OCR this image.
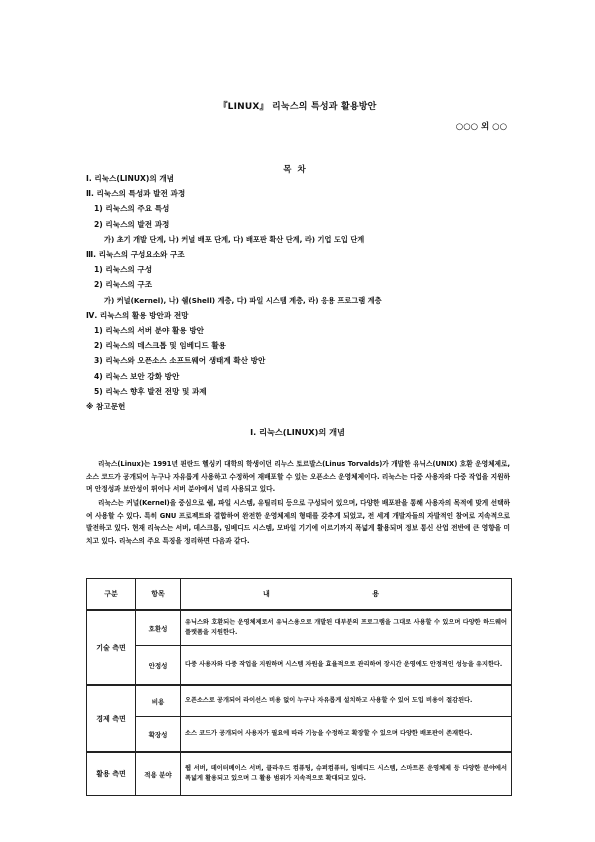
『LINUX』 리눅스의 특성과 활용방안
○○○ 외 ○○
목차
Ⅰ. 리눅스(LINUX)의 개념
Ⅱ. 리눅스의 특성과 발전 과정
1) 리눅스의 주요 특성
2) 리눅스의 발전 과정
가) 초기 개발 단계, 나) 커널 배포 단계, 다) 배포판 확산 단계, 라) 기업 도입 단계
Ⅲ. 리눅스의 구성요소와 구조
1) 리눅스의 구성
2) 리눅스의 구조
가) 커널(Kernel), 나) 쉘(Shell) 계층, 다) 파일 시스템 계층, 라) 응용 프로그램 계층
Ⅳ. 리눅스의 활용 방안과 전망
1) 리눅스의 서버 분야 활용 방안
2) 리눅스의 데스크톱 및 임베디드 활용
3) 리눅스와 오픈소스 소프트웨어 생태계 확산 방안
4) 리눅스 보안 강화 방안
5) 리눅스 향후 발전 전망 및 과제
※ 참고문헌
Ⅰ. 리눅스(LINUX)의 개념
리눅스(Linux)는 1991년 핀란드 헬싱키 대학의 학생이던 리누스 토르발스(Linus Torvalds)가 개발한 유닉스(UNIX) 호환 운영체제로, 소스 코드가 공개되어 누구나 자유롭게 사용하고 수정하여 재배포할 수 있는 오픈소스 운영체제이다. 리눅스는 다중 사용자와 다중 작업을 지원하며 안정성과 보안성이 뛰어나 서버 분야에서 널리 사용되고 있다.
리눅스는 커널(Kernel)을 중심으로 쉘, 파일 시스템, 유틸리티 등으로 구성되어 있으며, 다양한 배포판을 통해 사용자의 목적에 맞게 선택하여 사용할 수 있다. 특히 GNU 프로젝트와 결합하여 완전한 운영체제의 형태를 갖추게 되었고, 전 세계 개발자들의 자발적인 참여로 지속적으로 발전하고 있다. 현재 리눅스는 서버, 데스크톱, 임베디드 시스템, 모바일 기기에 이르기까지 폭넓게 활용되며 정보 통신 산업 전반에 큰 영향을 미치고 있다. 리눅스의 주요 특징을 정리하면 다음과 같다.
구분	항목	내 용
기술 측면	호환성	유닉스와 호환되는 운영체제로서 유닉스용으로 개발된 대부분의 프로그램을 그대로 사용할 수 있으며 다양한 하드웨어 플랫폼을 지원한다.
	안정성	다중 사용자와 다중 작업을 지원하며 시스템 자원을 효율적으로 관리하여 장시간 운영에도 안정적인 성능을 유지한다.
경제 측면	비용	오픈소스로 공개되어 라이선스 비용 없이 누구나 자유롭게 설치하고 사용할 수 있어 도입 비용이 절감된다.
	확장성	소스 코드가 공개되어 사용자가 필요에 따라 기능을 수정하고 확장할 수 있으며 다양한 배포판이 존재한다.
활용 측면	적용 분야	웹 서버, 데이터베이스 서버, 클라우드 컴퓨팅, 슈퍼컴퓨터, 임베디드 시스템, 스마트폰 운영체제 등 다양한 분야에서 폭넓게 활용되고 있으며 그 활용 범위가 지속적으로 확대되고 있다.
